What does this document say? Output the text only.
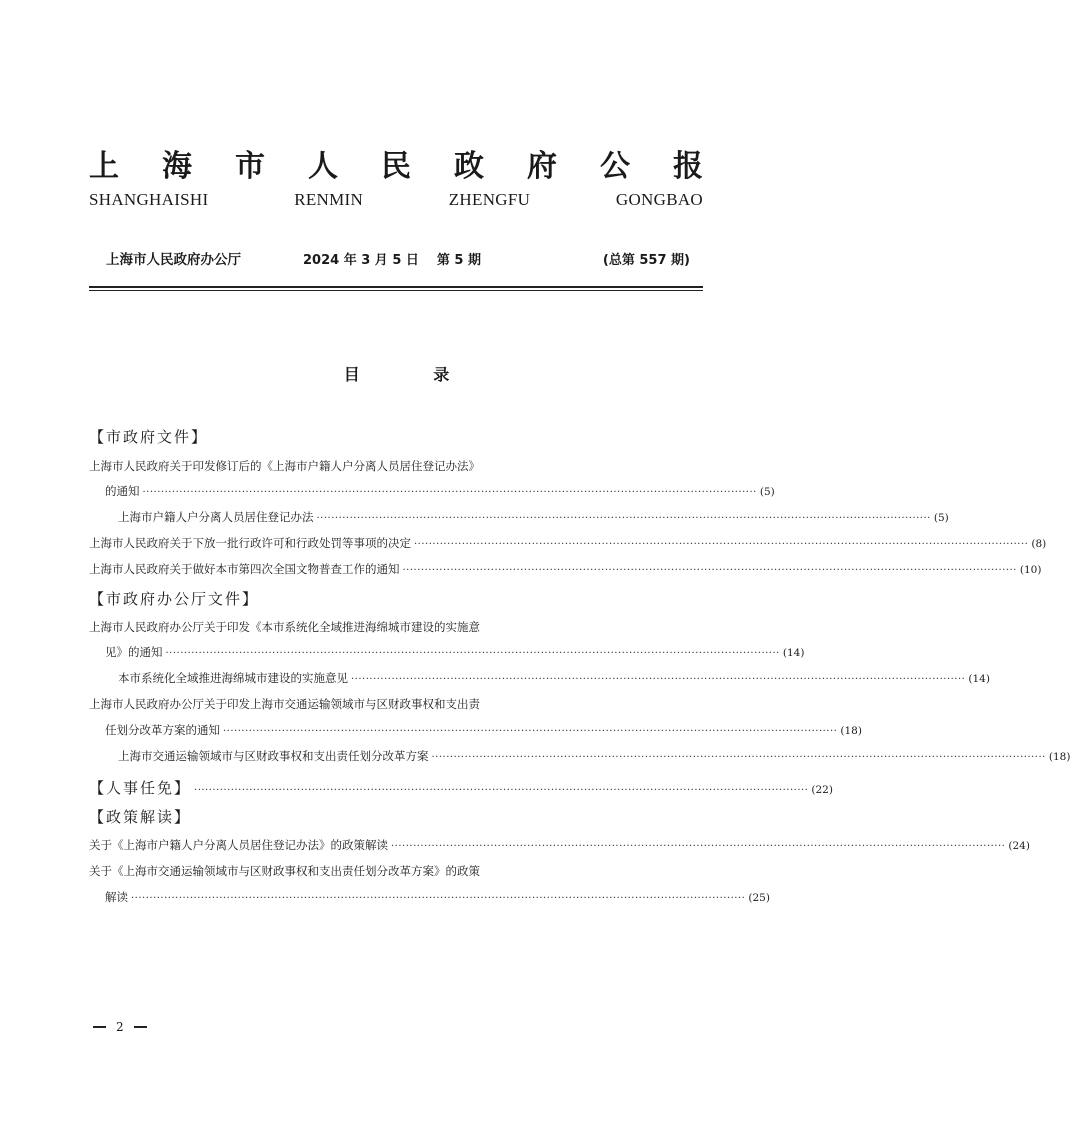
上 海 市 人 民 政 府 公 报
SHANGHAISHI	RENMIN	ZHENGFU	GONGBAO
上海市人民政府办公厅	2024 年 3 月 5 日 第 5 期	(总第 557 期)
目 录
【市政府文件】
上海市人民政府关于印发修订后的《上海市户籍人户分离人员居住登记办法》
的通知 ······································································································································································· (5)
上海市户籍人户分离人员居住登记办法 ······································································································································································· (5)
上海市人民政府关于下放一批行政许可和行政处罚等事项的决定 ······································································································································································· (8)
上海市人民政府关于做好本市第四次全国文物普查工作的通知 ······································································································································································· (10)
【市政府办公厅文件】
上海市人民政府办公厅关于印发《本市系统化全域推进海绵城市建设的实施意
见》的通知 ······································································································································································· (14)
本市系统化全域推进海绵城市建设的实施意见 ······································································································································································· (14)
上海市人民政府办公厅关于印发上海市交通运输领域市与区财政事权和支出责
任划分改革方案的通知 ······································································································································································· (18)
上海市交通运输领域市与区财政事权和支出责任划分改革方案 ······································································································································································· (18)
【人事任免】 ······································································································································································· (22)
【政策解读】
关于《上海市户籍人户分离人员居住登记办法》的政策解读 ······································································································································································· (24)
关于《上海市交通运输领域市与区财政事权和支出责任划分改革方案》的政策
解读 ······································································································································································· (25)
2
